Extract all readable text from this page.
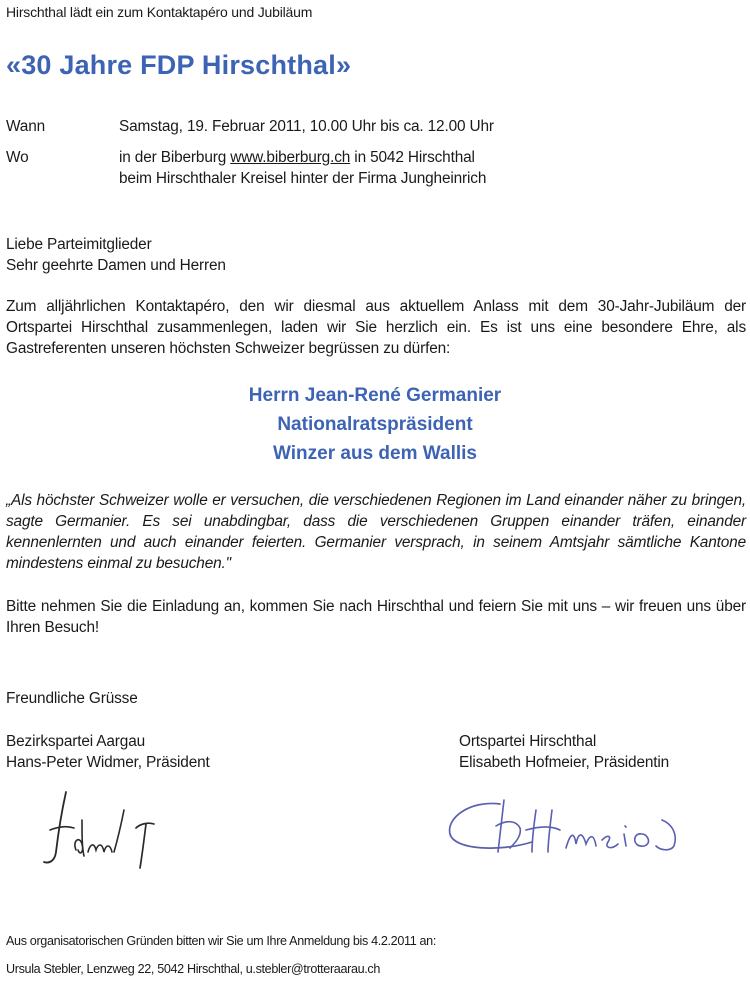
Hirschthal lädt ein zum Kontaktapéro und Jubiläum
«30 Jahre FDP Hirschthal»
Wann	Samstag, 19. Februar 2011, 10.00 Uhr bis ca. 12.00 Uhr
Wo	in der Biberburg www.biberburg.ch in 5042 Hirschthal
beim Hirschthaler Kreisel hinter der Firma Jungheinrich
Liebe Parteimitglieder
Sehr geehrte Damen und Herren
Zum alljährlichen Kontaktapéro, den wir diesmal aus aktuellem Anlass mit dem 30-Jahr-Jubiläum der Ortspartei Hirschthal zusammenlegen, laden wir Sie herzlich ein. Es ist uns eine besondere Ehre, als Gastreferenten unseren höchsten Schweizer begrüssen zu dürfen:
Herrn Jean-René Germanier
Nationalratspräsident
Winzer aus dem Wallis
„Als höchster Schweizer wolle er versuchen, die verschiedenen Regionen im Land einander näher zu bringen, sagte Germanier. Es sei unabdingbar, dass die verschiedenen Gruppen einander träfen, einander kennenlernten und auch einander feierten. Germanier versprach, in seinem Amtsjahr sämtliche Kantone mindestens einmal zu besuchen."
Bitte nehmen Sie die Einladung an, kommen Sie nach Hirschthal und feiern Sie mit uns – wir freuen uns über Ihren Besuch!
Freundliche Grüsse
Bezirkspartei Aargau
Hans-Peter Widmer, Präsident
Ortspartei Hirschthal
Elisabeth Hofmeier, Präsidentin
Aus organisatorischen Gründen bitten wir Sie um Ihre Anmeldung bis 4.2.2011 an:
Ursula Stebler, Lenzweg 22, 5042 Hirschthal, u.stebler@trotteraarau.ch
